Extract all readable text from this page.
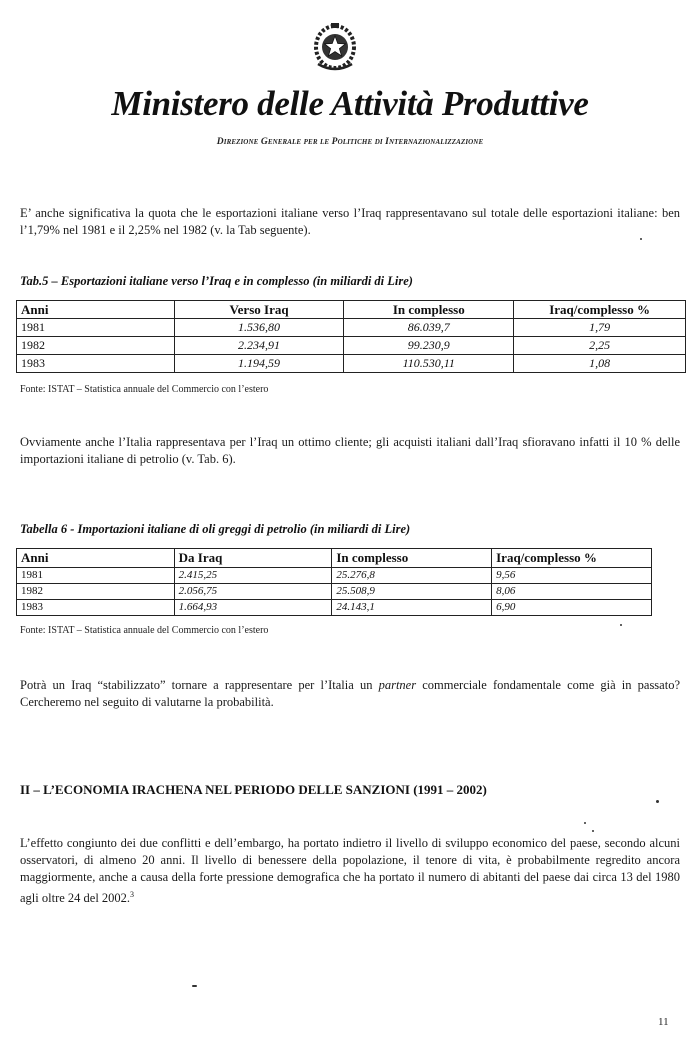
Ministero delle Attività Produttive
Direzione Generale per le Politiche di Internazionalizzazione

E’ anche significativa la quota che le esportazioni italiane verso l’Iraq rappresentavano sul totale delle esportazioni italiane: ben l’1,79% nel 1981 e il 2,25% nel 1982 (v. la Tab seguente).

Tab.5 – Esportazioni italiane verso l’Iraq e in complesso (in miliardi di Lire)

Anni	Verso Iraq	In complesso	Iraq/complesso %
1981	1.536,80	86.039,7	1,79
1982	2.234,91	99.230,9	2,25
1983	1.194,59	110.530,11	1,08

Fonte: ISTAT – Statistica annuale del Commercio con l’estero

Ovviamente anche l’Italia rappresentava per l’Iraq un ottimo cliente; gli acquisti italiani dall’Iraq sfioravano infatti il 10 % delle importazioni italiane di petrolio (v. Tab. 6).

Tabella 6 - Importazioni italiane di oli greggi di petrolio (in miliardi di Lire)

Anni	Da Iraq	In complesso	Iraq/complesso %
1981	2.415,25	25.276,8	9,56
1982	2.056,75	25.508,9	8,06
1983	1.664,93	24.143,1	6,90

Fonte: ISTAT – Statistica annuale del Commercio con l’estero

Potrà un Iraq “stabilizzato” tornare a rappresentare per l’Italia un partner commerciale fondamentale come già in passato? Cercheremo nel seguito di valutarne la probabilità.

II – L’ECONOMIA IRACHENA NEL PERIODO DELLE SANZIONI (1991 – 2002)

L’effetto congiunto dei due conflitti e dell’embargo, ha portato indietro il livello di sviluppo economico del paese, secondo alcuni osservatori, di almeno 20 anni. Il livello di benessere della popolazione, il tenore di vita, è probabilmente regredito ancora maggiormente, anche a causa della forte pressione demografica che ha portato il numero di abitanti del paese dai circa 13 del 1980 agli oltre 24 del 2002.$^3$

11
